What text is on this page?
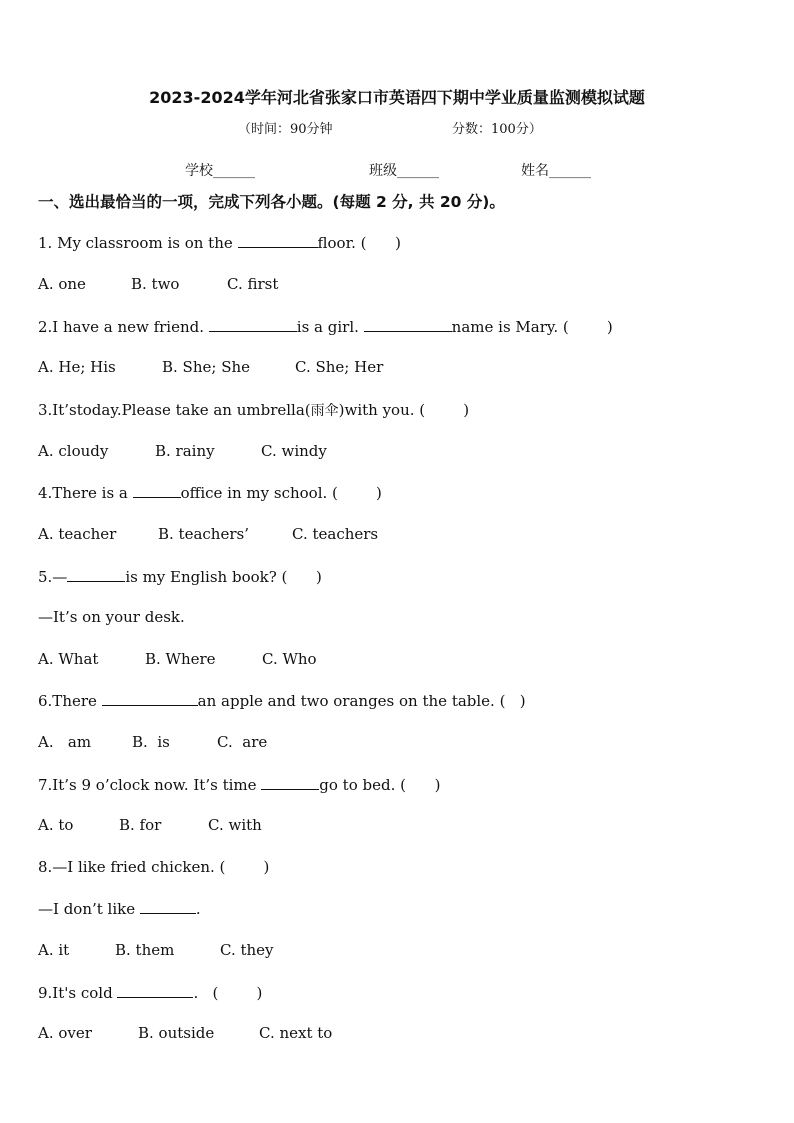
2023-2024学年河北省张家口市英语四下期中学业质量监测模拟试题
（时间：90分钟	分数：100分）
学校______	班级______	姓名______
一、选出最恰当的一项，完成下列各小题。(每题 2 分, 共 20 分)。
1. My classroom is on the	floor. (      )

A. one

	B. two

	C. first

2.I have a new friend.	is a girl.	name is Mary. (        )

A. He; His

	B. She; She

	C. She; Her

3.It’stoday.Please take an umbrella(雨伞)with you. (        )

A. cloudy

	B. rainy

	C. windy

4.There is a	office in my school. (        )

A. teacher

	B. teachers’

	C. teachers

5.—	is my English book? (      )
—It’s on your desk.

A. What

	B. Where

	C. Who

6.There	an apple and two oranges on the table. (   )

A.   am

	B.  is

	C.  are

7.It’s 9 o’clock now. It’s time	go to bed. (      )

A. to

	B. for

	C. with

8.—I like fried chicken. (        )
—I don’t like	.

A. it

	B. them

	C. they

9.It's cold	.   (        )

A. over

	B. outside

	C. next to
